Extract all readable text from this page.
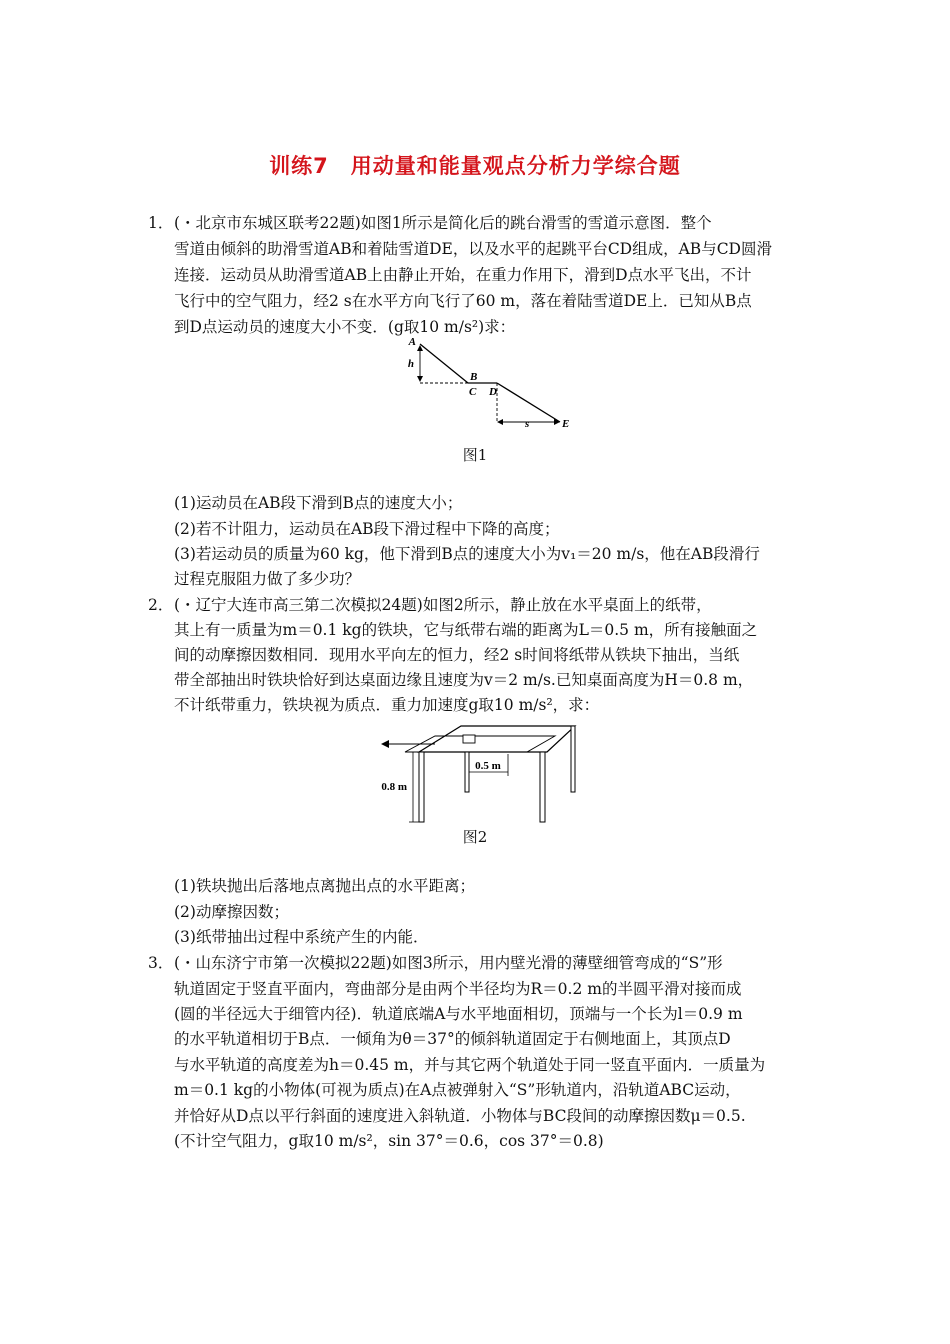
训练7　用动量和能量观点分析力学综合题
1． (・北京市东城区联考22题)如图1所示是简化后的跳台滑雪的雪道示意图．整个
雪道由倾斜的助滑雪道AB和着陆雪道DE，以及水平的起跳平台CD组成，AB与CD圆滑
连接．运动员从助滑雪道AB上由静止开始，在重力作用下，滑到D点水平飞出，不计
飞行中的空气阻力，经2 s在水平方向飞行了60 m，落在着陆雪道DE上．已知从B点
到D点运动员的速度大小不变．(g取10 m/s²)求：
A
h
B
C D
s	E
图1
(1)运动员在AB段下滑到B点的速度大小；
(2)若不计阻力，运动员在AB段下滑过程中下降的高度；
(3)若运动员的质量为60 kg，他下滑到B点的速度大小为v₁＝20 m/s，他在AB段滑行
过程克服阻力做了多少功？
2． (・辽宁大连市高三第二次模拟24题)如图2所示，静止放在水平桌面上的纸带，
其上有一质量为m＝0.1 kg的铁块，它与纸带右端的距离为L＝0.5 m，所有接触面之
间的动摩擦因数相同．现用水平向左的恒力，经2 s时间将纸带从铁块下抽出，当纸
带全部抽出时铁块恰好到达桌面边缘且速度为v＝2 m/s.已知桌面高度为H＝0.8 m，
不计纸带重力，铁块视为质点．重力加速度g取10 m/s²，求：
0.5 m
0.8 m
图2
(1)铁块抛出后落地点离抛出点的水平距离；
(2)动摩擦因数；
(3)纸带抽出过程中系统产生的内能．
3． (・山东济宁市第一次模拟22题)如图3所示，用内壁光滑的薄壁细管弯成的“S”形
轨道固定于竖直平面内，弯曲部分是由两个半径均为R＝0.2 m的半圆平滑对接而成
(圆的半径远大于细管内径)．轨道底端A与水平地面相切，顶端与一个长为l＝0.9 m
的水平轨道相切于B点．一倾角为θ＝37°的倾斜轨道固定于右侧地面上，其顶点D
与水平轨道的高度差为h＝0.45 m，并与其它两个轨道处于同一竖直平面内．一质量为
m＝0.1 kg的小物体(可视为质点)在A点被弹射入“S”形轨道内，沿轨道ABC运动，
并恰好从D点以平行斜面的速度进入斜轨道．小物体与BC段间的动摩擦因数μ＝0.5.
(不计空气阻力，g取10 m/s²，sin 37°＝0.6，cos 37°＝0.8)
